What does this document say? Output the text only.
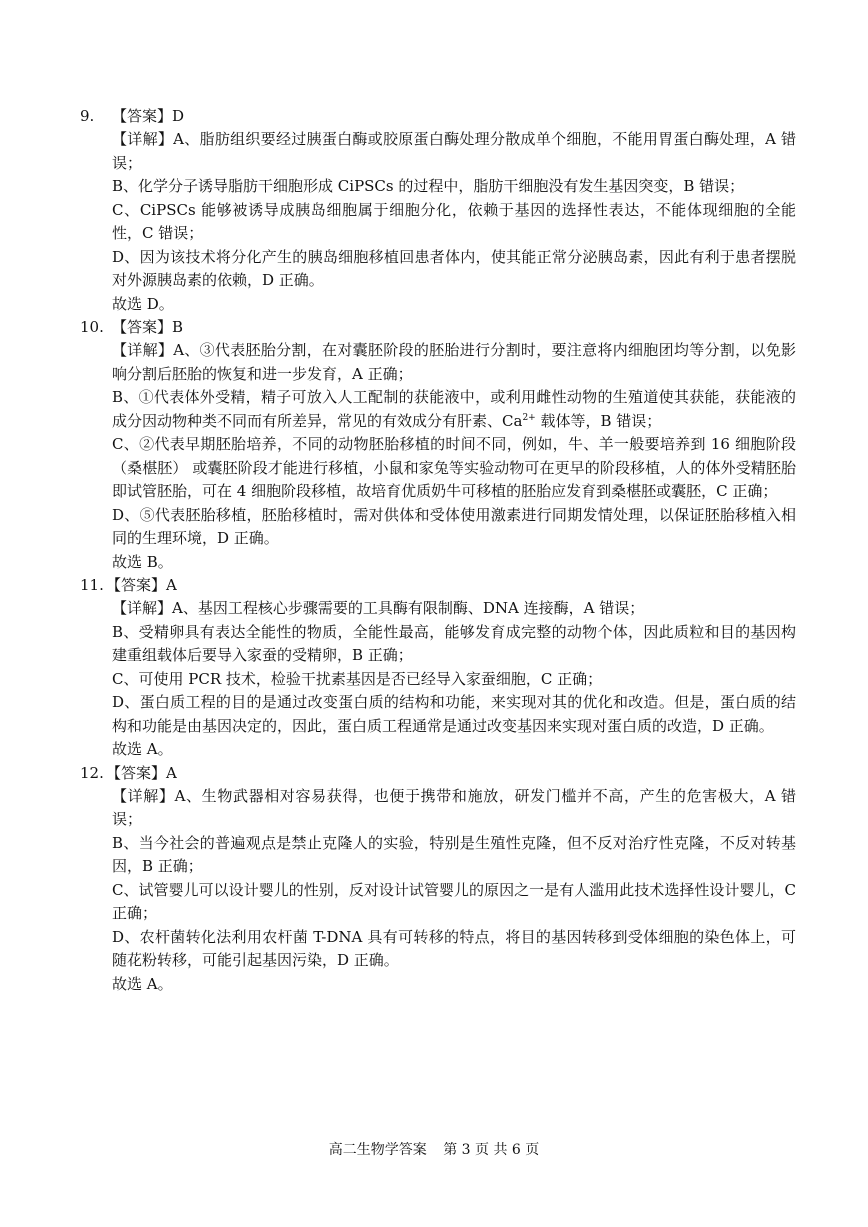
9.	【答案】D

【详解】A、脂肪组织要经过胰蛋白酶或胶原蛋白酶处理分散成单个细胞，不能用胃蛋白酶处理，A 错误；

B、化学分子诱导脂肪干细胞形成 CiPSCs 的过程中，脂肪干细胞没有发生基因突变，B 错误；

C、CiPSCs 能够被诱导成胰岛细胞属于细胞分化，依赖于基因的选择性表达，不能体现细胞的全能性，C 错误；

D、因为该技术将分化产生的胰岛细胞移植回患者体内，使其能正常分泌胰岛素，因此有利于患者摆脱对外源胰岛素的依赖，D 正确。

故选 D。

10. 【答案】B

【详解】A、③代表胚胎分割，在对囊胚阶段的胚胎进行分割时，要注意将内细胞团均等分割，以免影响分割后胚胎的恢复和进一步发育，A 正确；

B、①代表体外受精，精子可放入人工配制的获能液中，或利用雌性动物的生殖道使其获能，获能液的成分因动物种类不同而有所差异，常见的有效成分有肝素、$Ca^{2+}$ 载体等，B 错误；

C、②代表早期胚胎培养，不同的动物胚胎移植的时间不同，例如，牛、羊一般要培养到 16 细胞阶段 （桑椹胚） 或囊胚阶段才能进行移植，小鼠和家兔等实验动物可在更早的阶段移植，人的体外受精胚胎即试管胚胎，可在 4 细胞阶段移植，故培育优质奶牛可移植的胚胎应发育到桑椹胚或囊胚，C 正确；

D、⑤代表胚胎移植，胚胎移植时，需对供体和受体使用激素进行同期发情处理，以保证胚胎移植入相同的生理环境，D 正确。

故选 B。

11. 【答案】A

【详解】A、基因工程核心步骤需要的工具酶有限制酶、DNA 连接酶，A 错误；

B、受精卵具有表达全能性的物质，全能性最高，能够发育成完整的动物个体，因此质粒和目的基因构建重组载体后要导入家蚕的受精卵，B 正确；

C、可使用 PCR 技术，检验干扰素基因是否已经导入家蚕细胞，C 正确；

D、蛋白质工程的目的是通过改变蛋白质的结构和功能，来实现对其的优化和改造。但是，蛋白质的结构和功能是由基因决定的，因此，蛋白质工程通常是通过改变基因来实现对蛋白质的改造，D 正确。

故选 A。

12. 【答案】A

【详解】A、生物武器相对容易获得，也便于携带和施放，研发门槛并不高，产生的危害极大，A 错误；

B、当今社会的普遍观点是禁止克隆人的实验，特别是生殖性克隆，但不反对治疗性克隆，不反对转基因，B 正确；

C、试管婴儿可以设计婴儿的性别，反对设计试管婴儿的原因之一是有人滥用此技术选择性设计婴儿，C 正确；

D、农杆菌转化法利用农杆菌 T-DNA 具有可转移的特点，将目的基因转移到受体细胞的染色体上，可随花粉转移，可能引起基因污染，D 正确。

故选 A。

高二生物学答案 第 3 页 共 6 页
